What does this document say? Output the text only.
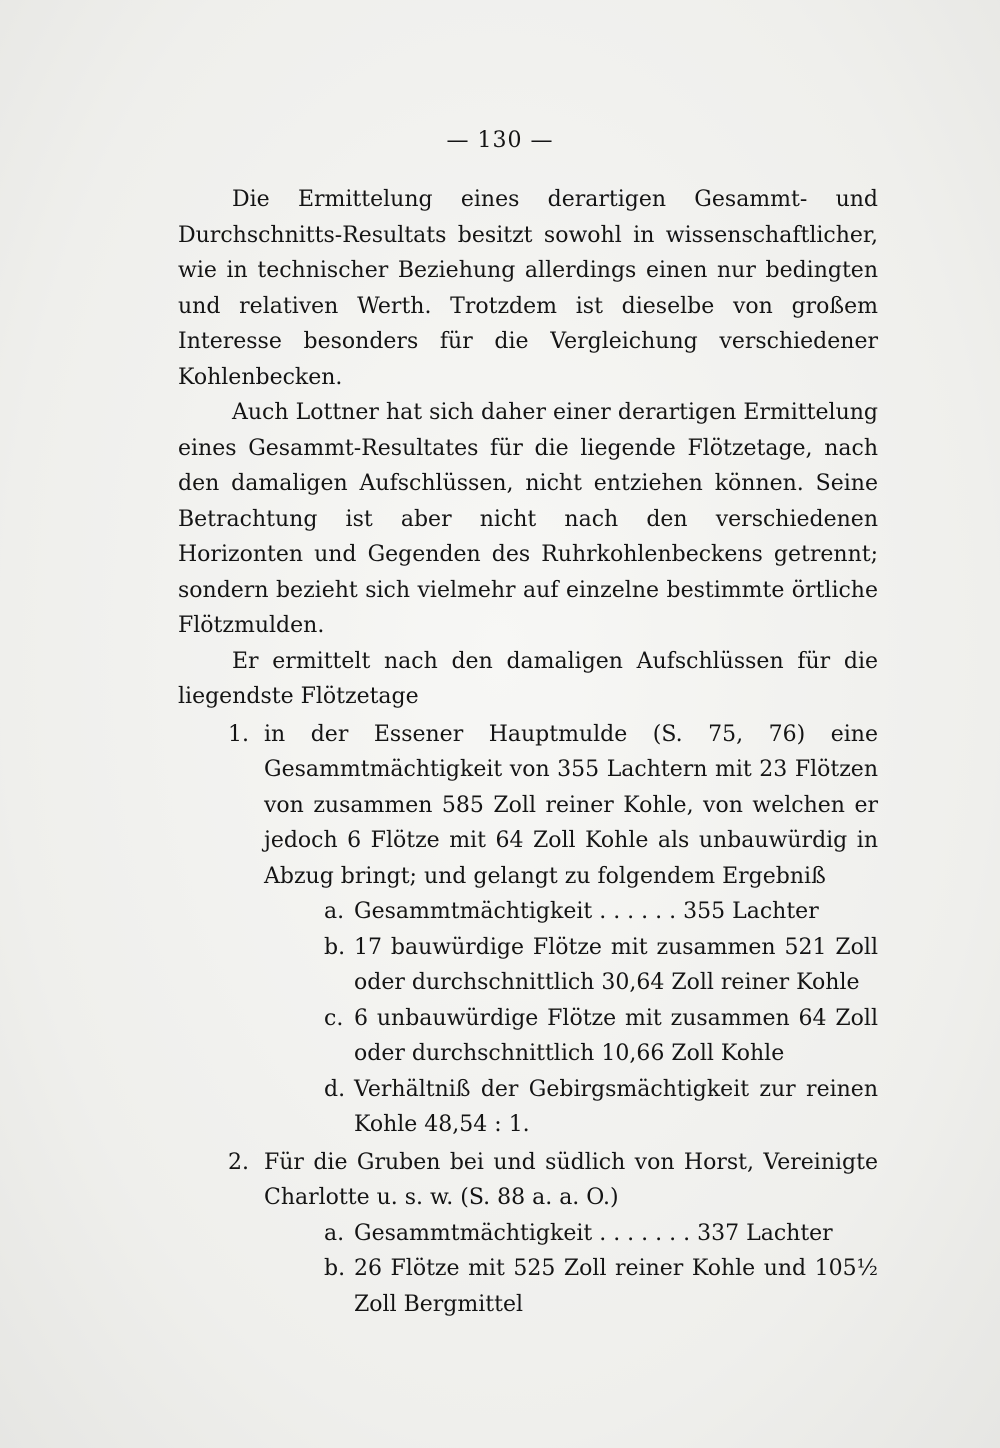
— 130 —

Die Ermittelung eines derartigen Gesammt- und Durchschnitts-Resultats besitzt sowohl in wissenschaftlicher, wie in technischer Beziehung allerdings einen nur bedingten und relativen Werth. Trotzdem ist dieselbe von großem Interesse besonders für die Vergleichung verschiedener Kohlenbecken.

Auch Lottner hat sich daher einer derartigen Ermittelung eines Gesammt-Resultates für die liegende Flötzetage, nach den damaligen Aufschlüssen, nicht entziehen können. Seine Betrachtung ist aber nicht nach den verschiedenen Horizonten und Gegenden des Ruhrkohlenbeckens getrennt; sondern bezieht sich vielmehr auf einzelne bestimmte örtliche Flötzmulden.

Er ermittelt nach den damaligen Aufschlüssen für die liegendste Flötzetage

1. in der Essener Hauptmulde (S. 75, 76) eine Gesammtmächtigkeit von 355 Lachtern mit 23 Flötzen von zusammen 585 Zoll reiner Kohle, von welchen er jedoch 6 Flötze mit 64 Zoll Kohle als unbauwürdig in Abzug bringt; und gelangt zu folgendem Ergebniß
a. Gesammtmächtigkeit . . . . . . 355 Lachter
b. 17 bauwürdige Flötze mit zusammen 521 Zoll oder durchschnittlich 30,64 Zoll reiner Kohle
c. 6 unbauwürdige Flötze mit zusammen 64 Zoll oder durchschnittlich 10,66 Zoll Kohle
d. Verhältniß der Gebirgsmächtigkeit zur reinen Kohle 48,54 : 1.
2. Für die Gruben bei und südlich von Horst, Vereinigte Charlotte u. s. w. (S. 88 a. a. O.)
a. Gesammtmächtigkeit . . . . . . . 337 Lachter
b. 26 Flötze mit 525 Zoll reiner Kohle und 105½ Zoll Bergmittel
